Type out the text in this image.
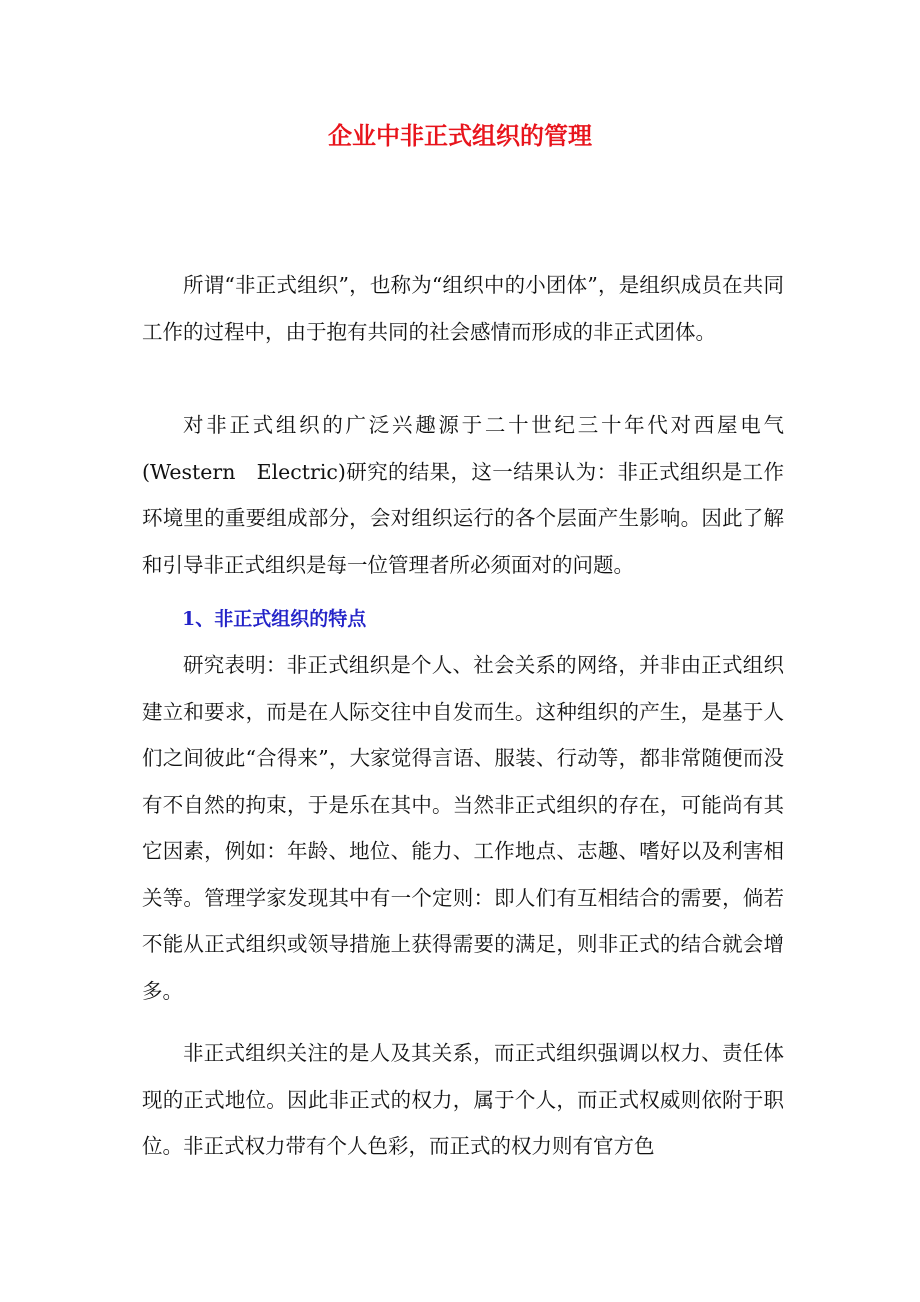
企业中非正式组织的管理

所谓“非正式组织”，也称为“组织中的小团体”，是组织成员在共同工作的过程中，由于抱有共同的社会感情而形成的非正式团体。

对非正式组织的广泛兴趣源于二十世纪三十年代对西屋电气(Western　Electric)研究的结果，这一结果认为：非正式组织是工作环境里的重要组成部分，会对组织运行的各个层面产生影响。因此了解和引导非正式组织是每一位管理者所必须面对的问题。

1、非正式组织的特点

研究表明：非正式组织是个人、社会关系的网络，并非由正式组织建立和要求，而是在人际交往中自发而生。这种组织的产生，是基于人们之间彼此“合得来”，大家觉得言语、服装、行动等，都非常随便而没有不自然的拘束，于是乐在其中。当然非正式组织的存在，可能尚有其它因素，例如：年龄、地位、能力、工作地点、志趣、嗜好以及利害相关等。管理学家发现其中有一个定则：即人们有互相结合的需要，倘若不能从正式组织或领导措施上获得需要的满足，则非正式的结合就会增多。

非正式组织关注的是人及其关系，而正式组织强调以权力、责任体现的正式地位。因此非正式的权力，属于个人，而正式权威则依附于职位。非正式权力带有个人色彩，而正式的权力则有官方色
